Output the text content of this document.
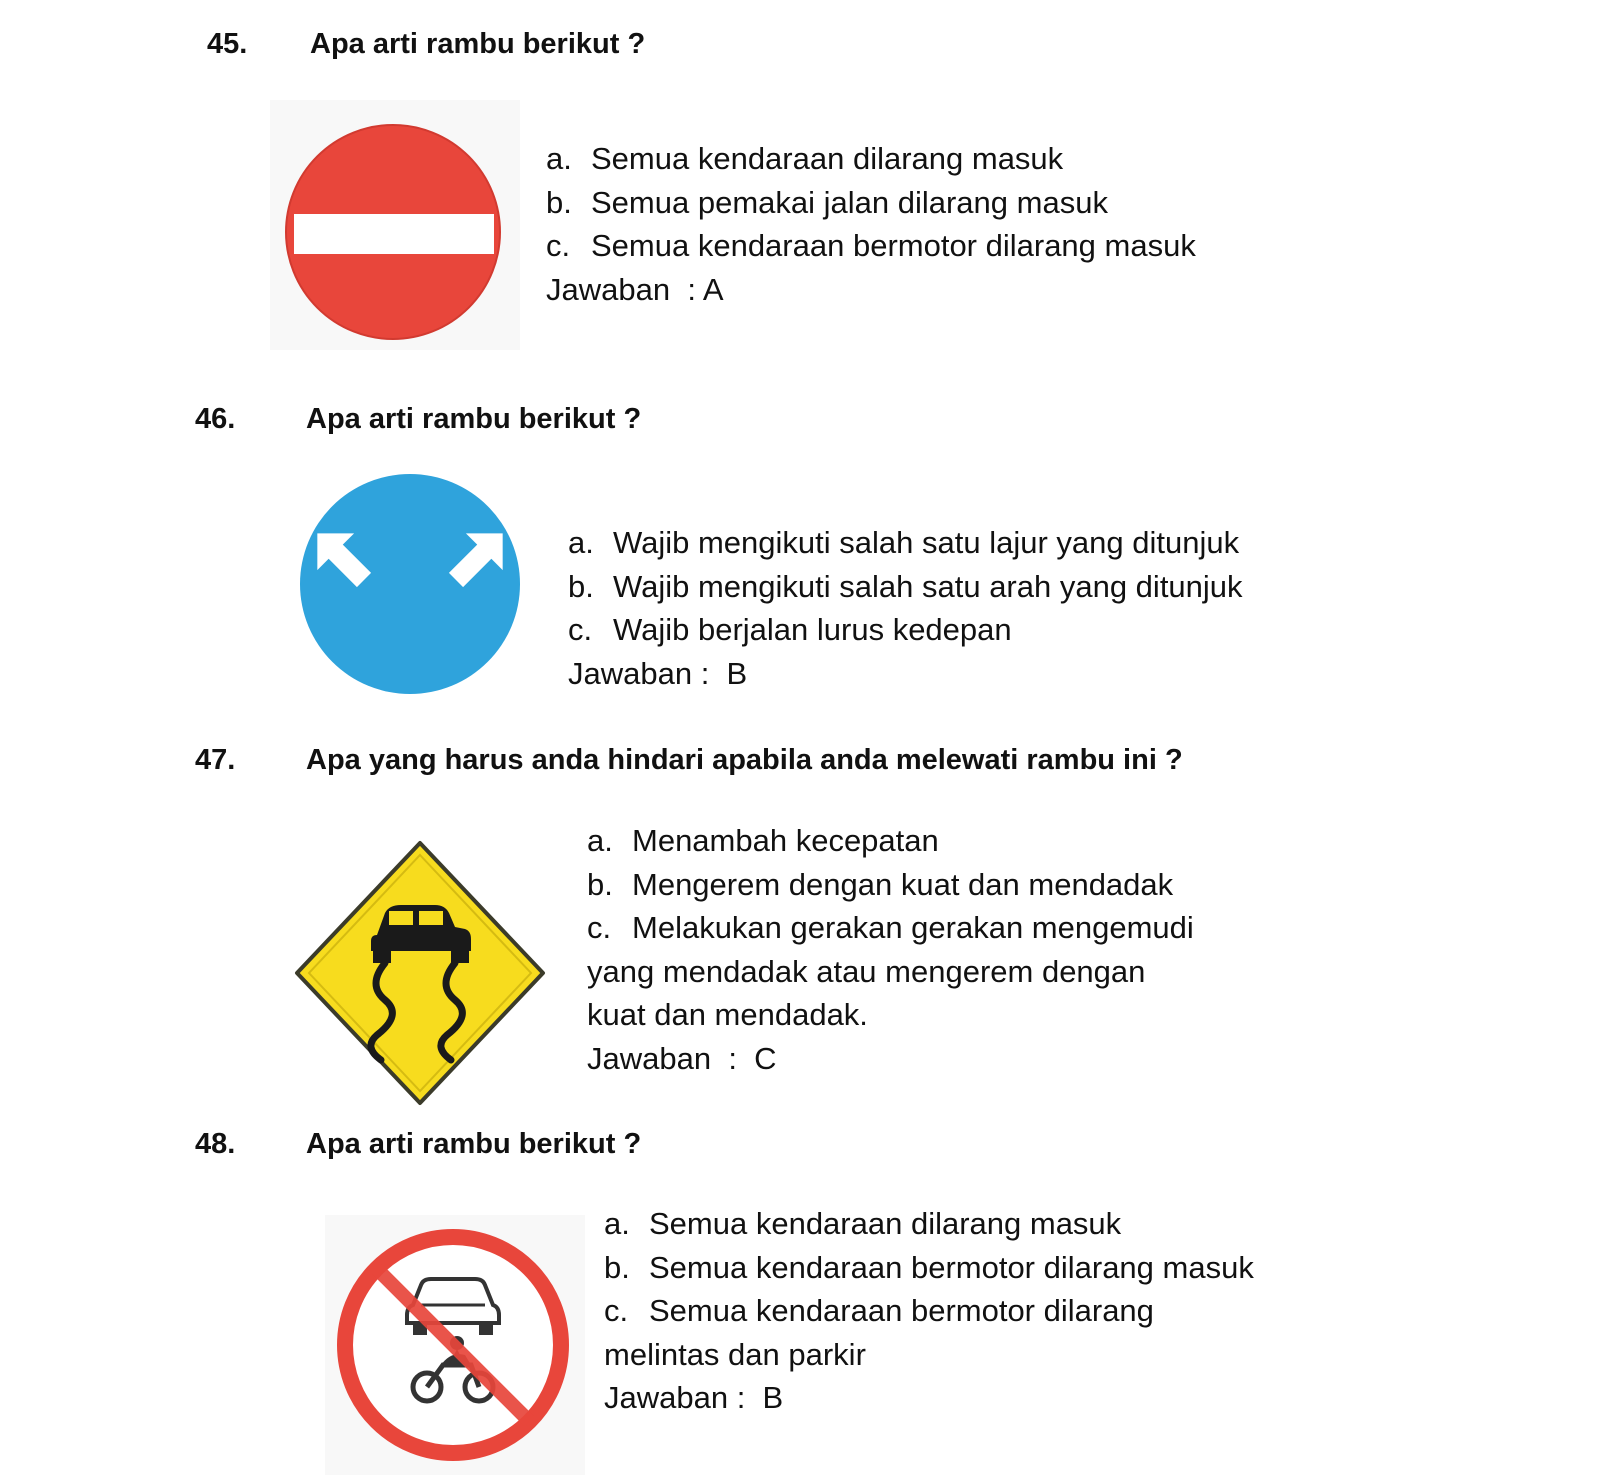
45. Apa arti rambu berikut ?
a. Semua kendaraan dilarang masuk
b. Semua pemakai jalan dilarang masuk
c. Semua kendaraan bermotor dilarang masuk
Jawaban  : A
46. Apa arti rambu berikut ?
a. Wajib mengikuti salah satu lajur yang ditunjuk
b. Wajib mengikuti salah satu arah yang ditunjuk
c. Wajib berjalan lurus kedepan
Jawaban :  B
47. Apa yang harus anda hindari apabila anda melewati rambu ini ?
a. Menambah kecepatan
b. Mengerem dengan kuat dan mendadak
c. Melakukan gerakan gerakan mengemudi
yang mendadak atau mengerem dengan
kuat dan mendadak.
Jawaban  :  C
48. Apa arti rambu berikut ?
a. Semua kendaraan dilarang masuk
b. Semua kendaraan bermotor dilarang masuk
c. Semua kendaraan bermotor dilarang
melintas dan parkir
Jawaban :  B
